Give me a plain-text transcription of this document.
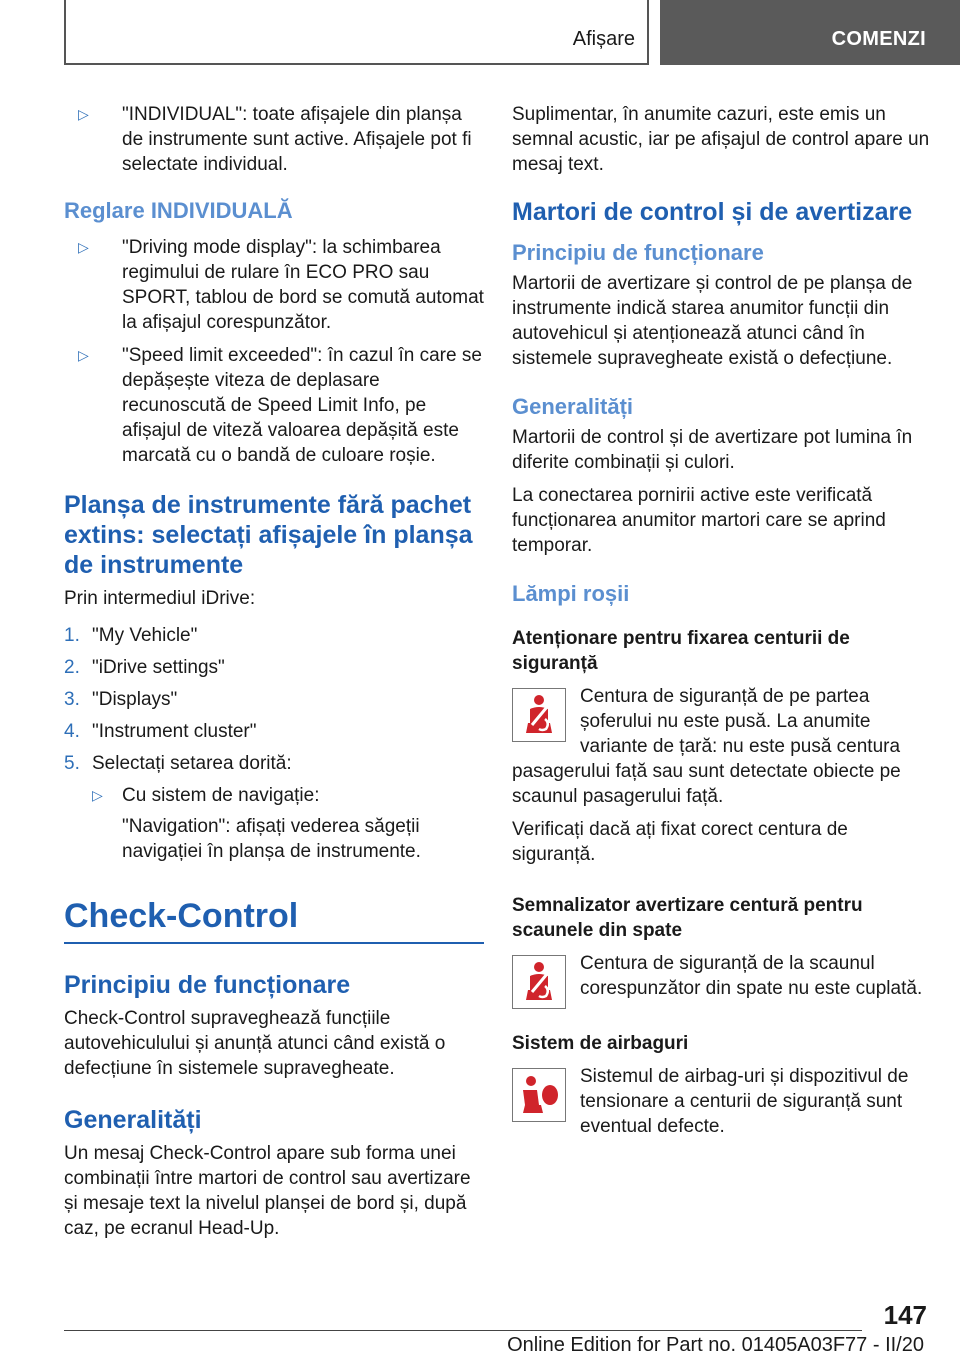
Afișare	COMENZI
▷ "INDIVIDUAL": toate afișajele din planșa de instrumente sunt active. Afișajele pot fi selectate individual.
Reglare INDIVIDUALĂ
▷ "Driving mode display": la schimbarea regimului de rulare în ECO PRO sau SPORT, tablou de bord se comută automat la afișajul corespunzător.
▷ "Speed limit exceeded": în cazul în care se depășește viteza de deplasare recunoscută de Speed Limit Info, pe afișajul de viteză valoarea depășită este marcată cu o bandă de culoare roșie.
Planșa de instrumente fără pachet extins: selectați afișajele în planșa de instrumente

Prin intermediul iDrive:

1. "My Vehicle"
2. "iDrive settings"
3. "Displays"
4. "Instrument cluster"
5. Selectați setarea dorită:
▷ Cu sistem de navigație:
"Navigation": afișați vederea săgeții navigației în planșa de instrumente.
Check-Control
Principiu de funcționare

Check-Control supraveghează funcțiile autovehiculului și anunță atunci când există o defecțiune în sistemele supravegheate.

Generalități

Un mesaj Check-Control apare sub forma unei combinații între martori de control sau avertizare și mesaje text la nivelul planșei de bord și, după caz, pe ecranul Head-Up.

Suplimentar, în anumite cazuri, este emis un semnal acustic, iar pe afișajul de control apare un mesaj text.

Martori de control și de avertizare
Principiu de funcționare

Martorii de avertizare și control de pe planșa de instrumente indică starea anumitor funcții din autovehicul și atenționează atunci când în sistemele supravegheate există o defecțiune.

Generalități

Martorii de control și de avertizare pot lumina în diferite combinații și culori.

La conectarea pornirii active este verificată funcționarea anumitor martori care se aprind temporar.

Lămpi roșii
Atenționare pentru fixarea centurii de siguranță

Centura de siguranță de pe partea șoferului nu este pusă. La anumite variante de țară: nu este pusă centura pasagerului față sau sunt detectate obiecte pe scaunul pasagerului față.

Verificați dacă ați fixat corect centura de siguranță.

Semnalizator avertizare centură pentru scaunele din spate

Centura de siguranță de la scaunul corespunzător din spate nu este cuplată.

Sistem de airbaguri

Sistemul de airbag-uri și dispozitivul de tensionare a centurii de siguranță sunt eventual defecte.

147
Online Edition for Part no. 01405A03F77 - II/20
